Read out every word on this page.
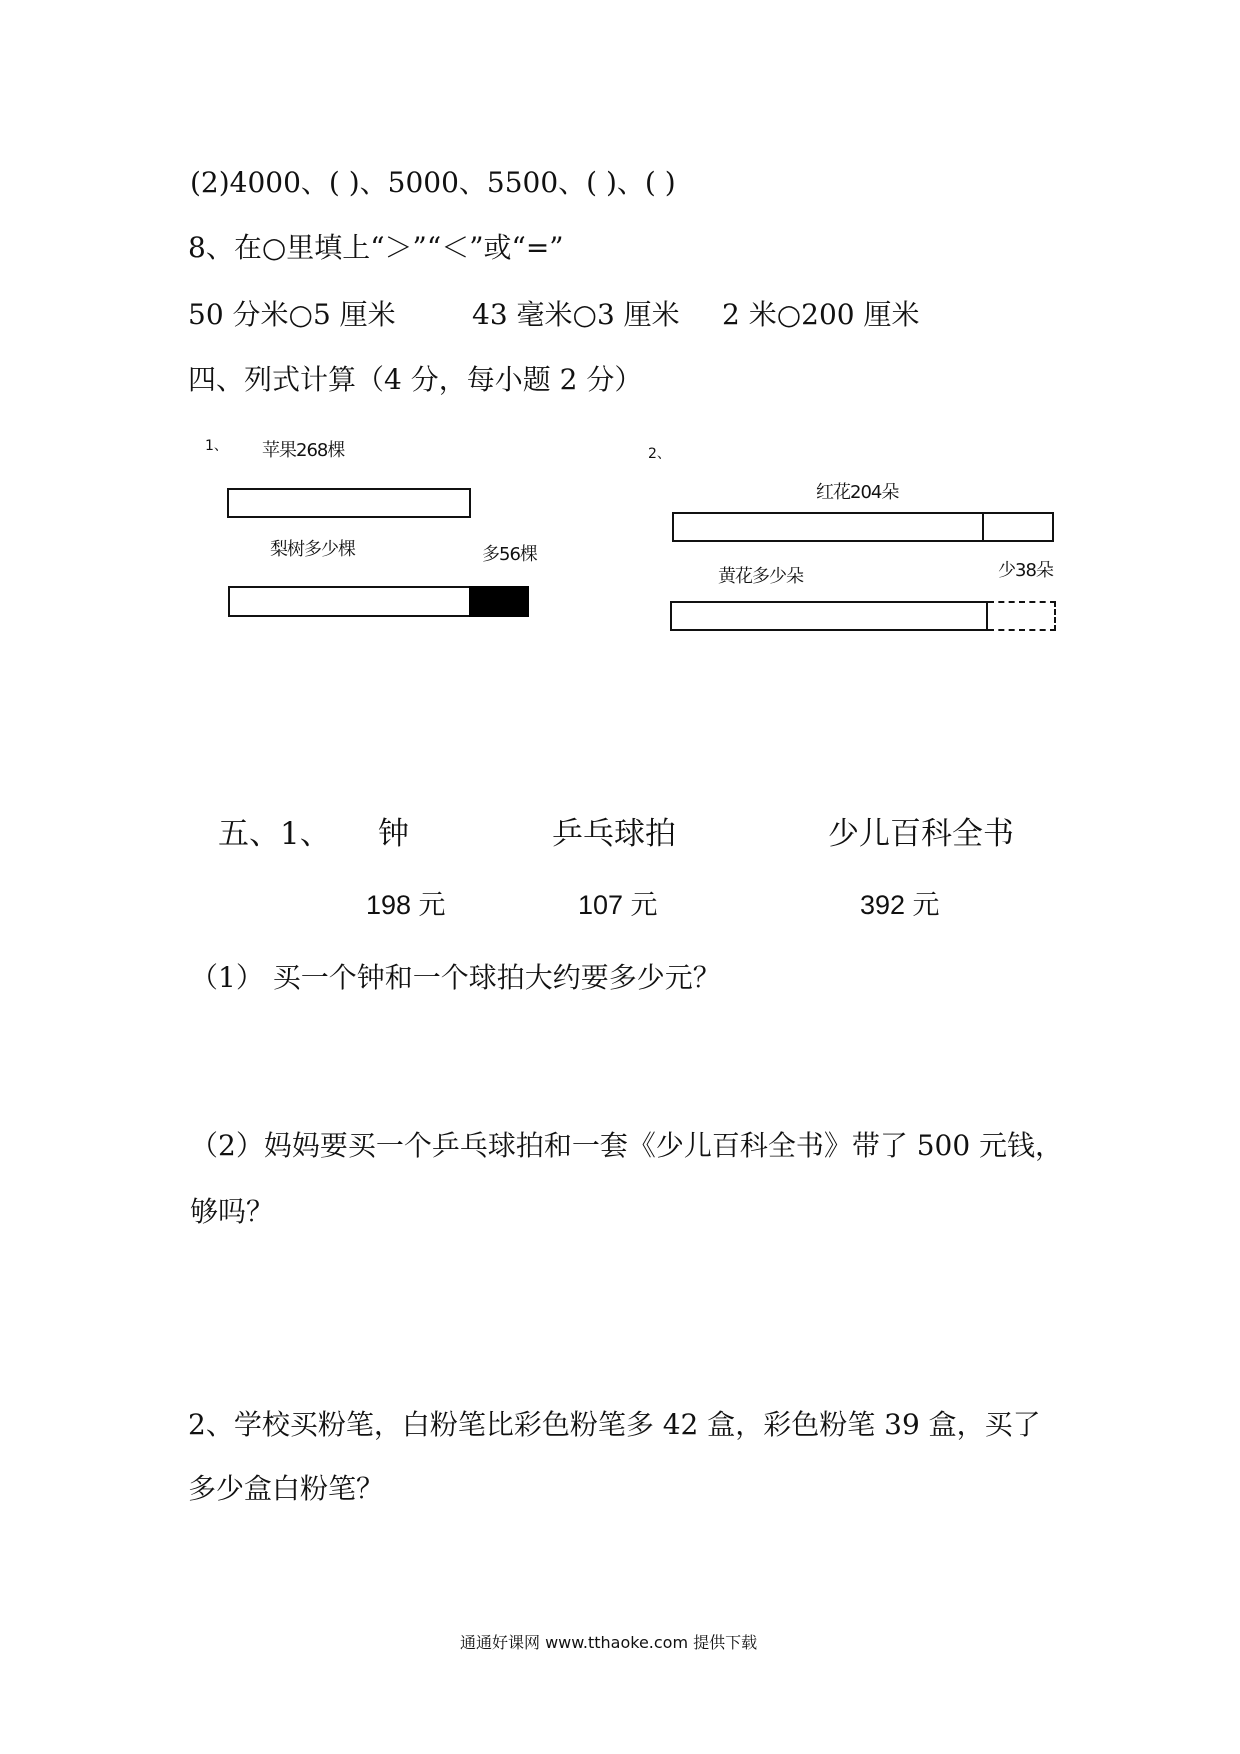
(2)4000、( )、5000、5500、( )、( )
8、在○里填上“＞”“＜”或“=”
50 分米○5 厘米	43 毫米○3 厘米 2 米○200 厘米
四、列式计算（4 分，每小题 2 分）
1、 苹果268棵
梨树多少棵	多56棵
2、
红花204朵
少38朵
黄花多少朵
五、1、 钟	乒乓球拍	少儿百科全书
198 元	107 元	392 元
（1） 买一个钟和一个球拍大约要多少元？
（2）妈妈要买一个乒乓球拍和一套《少儿百科全书》带了 500 元钱，
够吗？
2、学校买粉笔，白粉笔比彩色粉笔多 42 盒，彩色粉笔 39 盒，买了
多少盒白粉笔？
通通好课网 www.tthaoke.com 提供下载
